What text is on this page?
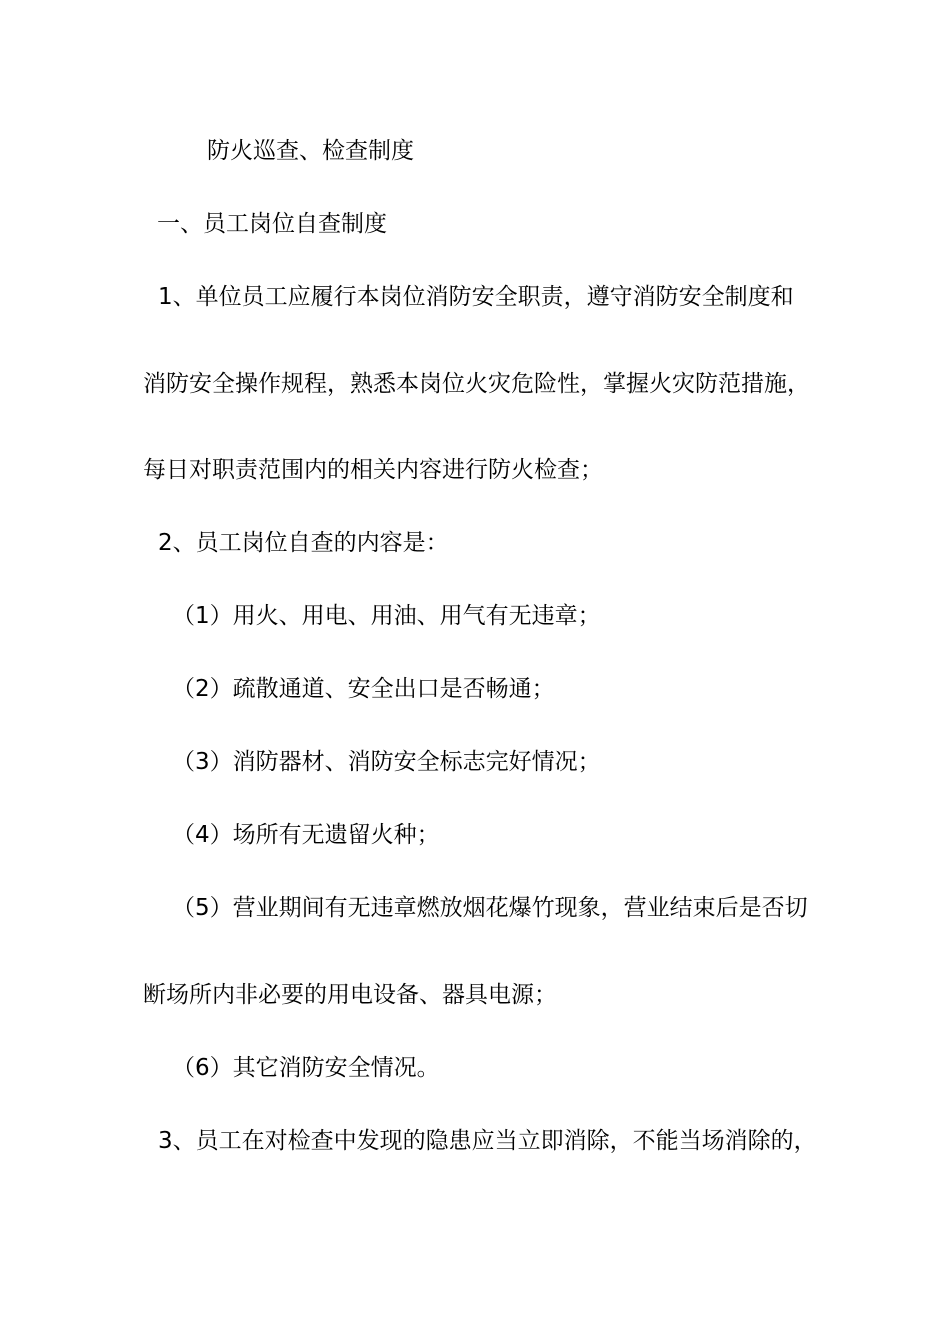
防火巡查、检查制度
一、员工岗位自查制度
1、单位员工应履行本岗位消防安全职责，遵守消防安全制度和
消防安全操作规程，熟悉本岗位火灾危险性，掌握火灾防范措施，
每日对职责范围内的相关内容进行防火检查；
2、员工岗位自查的内容是：
（1）用火、用电、用油、用气有无违章；
（2）疏散通道、安全出口是否畅通；
（3）消防器材、消防安全标志完好情况；
（4）场所有无遗留火种；
（5）营业期间有无违章燃放烟花爆竹现象，营业结束后是否切
断场所内非必要的用电设备、器具电源；
（6）其它消防安全情况。
3、员工在对检查中发现的隐患应当立即消除，不能当场消除的，
